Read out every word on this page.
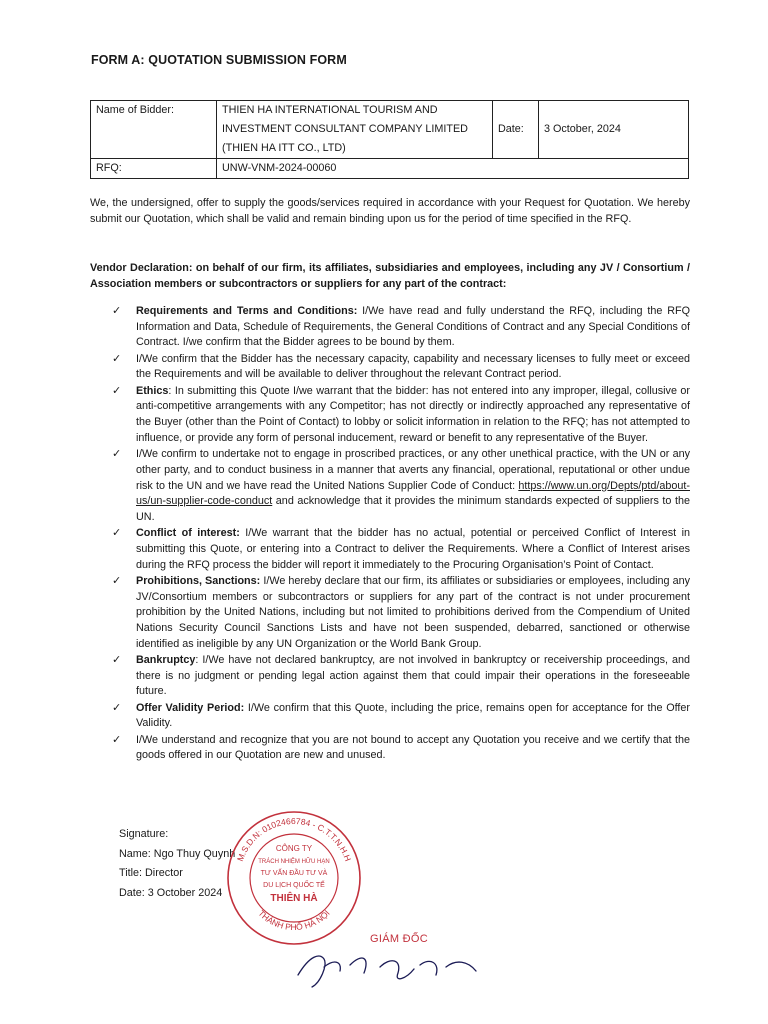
FORM A: QUOTATION SUBMISSION FORM
Name of Bidder:	THIEN HA INTERNATIONAL TOURISM AND
INVESTMENT CONSULTANT COMPANY LIMITED
(THIEN HA ITT CO., LTD)	Date:	3 October, 2024
RFQ:	UNW-VNM-2024-00060		
We, the undersigned, offer to supply the goods/services required in accordance with your Request for Quotation. We hereby submit our Quotation, which shall be valid and remain binding upon us for the period of time specified in the RFQ.
Vendor Declaration: on behalf of our firm, its affiliates, subsidiaries and employees, including any JV / Consortium / Association members or subcontractors or suppliers for any part of the contract:
✓ Requirements and Terms and Conditions: I/We have read and fully understand the RFQ, including the RFQ Information and Data, Schedule of Requirements, the General Conditions of Contract and any Special Conditions of Contract. I/we confirm that the Bidder agrees to be bound by them.
✓ I/We confirm that the Bidder has the necessary capacity, capability and necessary licenses to fully meet or exceed the Requirements and will be available to deliver throughout the relevant Contract period.
✓ Ethics: In submitting this Quote I/we warrant that the bidder: has not entered into any improper, illegal, collusive or anti-competitive arrangements with any Competitor; has not directly or indirectly approached any representative of the Buyer (other than the Point of Contact) to lobby or solicit information in relation to the RFQ; has not attempted to influence, or provide any form of personal inducement, reward or benefit to any representative of the Buyer.
✓ I/We confirm to undertake not to engage in proscribed practices, or any other unethical practice, with the UN or any other party, and to conduct business in a manner that averts any financial, operational, reputational or other undue risk to the UN and we have read the United Nations Supplier Code of Conduct: https://www.un.org/Depts/ptd/about-us/un-supplier-code-conduct and acknowledge that it provides the minimum standards expected of suppliers to the UN.
✓ Conflict of interest: I/We warrant that the bidder has no actual, potential or perceived Conflict of Interest in submitting this Quote, or entering into a Contract to deliver the Requirements. Where a Conflict of Interest arises during the RFQ process the bidder will report it immediately to the Procuring Organisation’s Point of Contact.
✓ Prohibitions, Sanctions: I/We hereby declare that our firm, its affiliates or subsidiaries or employees, including any JV/Consortium members or subcontractors or suppliers for any part of the contract is not under procurement prohibition by the United Nations, including but not limited to prohibitions derived from the Compendium of United Nations Security Council Sanctions Lists and have not been suspended, debarred, sanctioned or otherwise identified as ineligible by any UN Organization or the World Bank Group.
✓ Bankruptcy: I/We have not declared bankruptcy, are not involved in bankruptcy or receivership proceedings, and there is no judgment or pending legal action against them that could impair their operations in the foreseeable future.
✓ Offer Validity Period: I/We confirm that this Quote, including the price, remains open for acceptance for the Offer Validity.
✓ I/We understand and recognize that you are not bound to accept any Quotation you receive and we certify that the goods offered in our Quotation are new and unused.
Signature:
Name: Ngo Thuy Quynh
Title: Director
Date: 3 October 2024
M.S.D.N: 0102466784 - C.T.T.N.H.H
THÀNH PHỐ HÀ NỘI
CÔNG TY
TRÁCH NHIỆM HỮU HẠN
TƯ VẤN ĐẦU TƯ VÀ
DU LỊCH QUỐC TẾ
THIÊN HÀ
GIÁM ĐỐC
